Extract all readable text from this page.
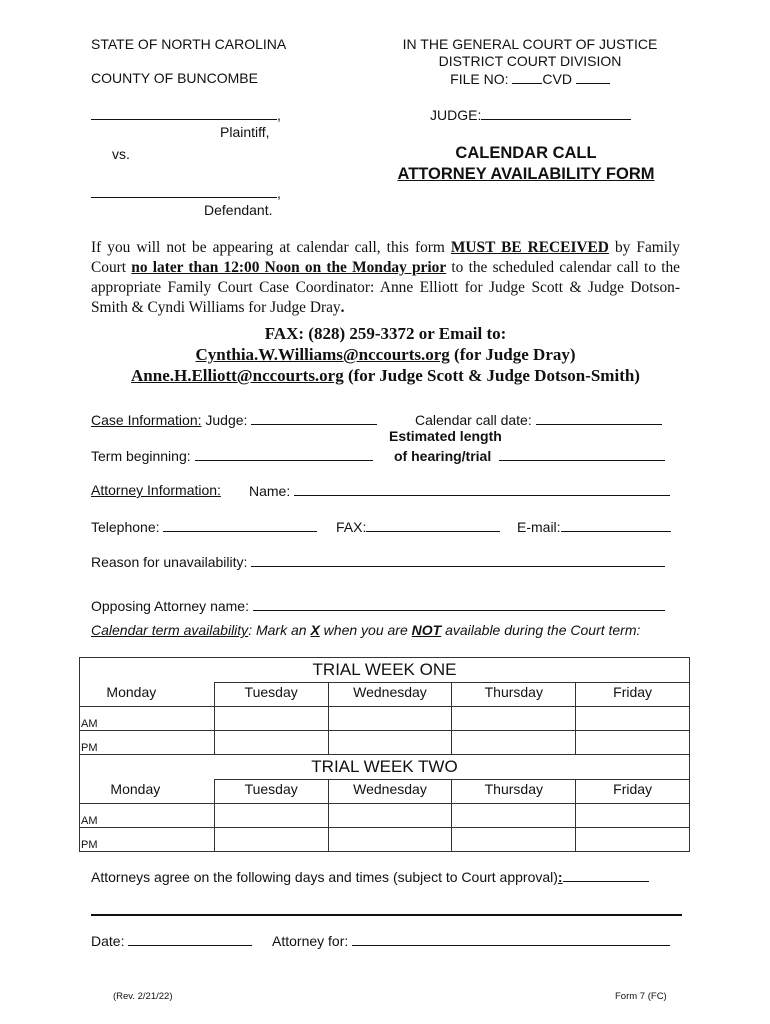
STATE OF NORTH CAROLINA
COUNTY OF BUNCOMBE
IN THE GENERAL COURT OF JUSTICE
DISTRICT COURT DIVISION
FILE NO: CVD
JUDGE:
,
Plaintiff,
vs.
,
Defendant.
CALENDAR CALL
ATTORNEY AVAILABILITY FORM
If you will not be appearing at calendar call, this form MUST BE RECEIVED by Family Court no later than 12:00 Noon on the Monday prior to the scheduled calendar call to the appropriate Family Court Case Coordinator: Anne Elliott for Judge Scott & Judge Dotson-Smith & Cyndi Williams for Judge Dray.
FAX: (828) 259-3372 or Email to:
Cynthia.W.Williams@nccourts.org (for Judge Dray)
Anne.H.Elliott@nccourts.org (for Judge Scott & Judge Dotson-Smith)
Case Information: Judge:	Calendar call date:
Estimated length
of hearing/trial
Term beginning:
Attorney Information: Name:
Telephone:	FAX:	E-mail:
Reason for unavailability:
Opposing Attorney name:
Calendar term availability: Mark an X when you are NOT available during the Court term:
TRIAL WEEK ONE					

	Monday	Tuesday	Wednesday	Thursday	Friday

AM					
PM					
TRIAL WEEK TWO					

	Monday	Tuesday	Wednesday	Thursday	Friday

AM					
PM					
Attorneys agree on the following days and times (subject to Court approval):
Date:	Attorney for:
(Rev. 2/21/22)	Form 7 (FC)
